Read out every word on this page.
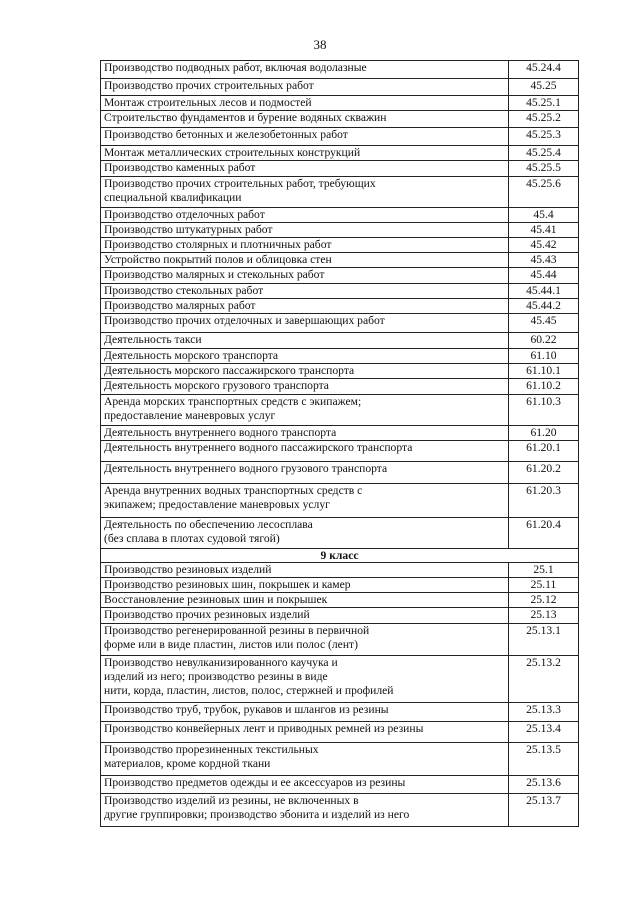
38
Производство подводных работ, включая водолазные	45.24.4
Производство прочих строительных работ	45.25
Монтаж строительных лесов и подмостей	45.25.1
Строительство фундаментов и бурение водяных скважин	45.25.2
Производство бетонных и железобетонных работ	45.25.3
Монтаж металлических строительных конструкций	45.25.4
Производство каменных работ	45.25.5
Производство прочих строительных работ, требующих
специальной квалификации	45.25.6
Производство отделочных работ	45.4
Производство штукатурных работ	45.41
Производство столярных и плотничных работ	45.42
Устройство покрытий полов и облицовка стен	45.43
Производство малярных и стекольных работ	45.44
Производство стекольных работ	45.44.1
Производство малярных работ	45.44.2
Производство прочих отделочных и завершающих работ	45.45
Деятельность такси	60.22
Деятельность морского транспорта	61.10
Деятельность морского пассажирского транспорта	61.10.1
Деятельность морского грузового транспорта	61.10.2
Аренда морских транспортных средств с экипажем;
предоставление маневровых услуг	61.10.3
Деятельность внутреннего водного транспорта	61.20
Деятельность внутреннего водного пассажирского транспорта	61.20.1
Деятельность внутреннего водного грузового транспорта	61.20.2
Аренда внутренних водных транспортных средств с
экипажем; предоставление маневровых услуг	61.20.3
Деятельность по обеспечению лесосплава
(без сплава в плотах судовой тягой)	61.20.4
9 класс	
Производство резиновых изделий	25.1
Производство резиновых шин, покрышек и камер	25.11
Восстановление резиновых шин и покрышек	25.12
Производство прочих резиновых изделий	25.13
Производство регенерированной резины в первичной
форме или в виде пластин, листов или полос (лент)	25.13.1
Производство невулканизированного каучука и
изделий из него; производство резины в виде
нити, корда, пластин, листов, полос, стержней и профилей	25.13.2
Производство труб, трубок, рукавов и шлангов из резины	25.13.3
Производство конвейерных лент и приводных ремней из резины	25.13.4
Производство прорезиненных текстильных
материалов, кроме кордной ткани	25.13.5
Производство предметов одежды и ее аксессуаров из резины	25.13.6
Производство изделий из резины, не включенных в
другие группировки; производство эбонита и изделий из него	25.13.7
